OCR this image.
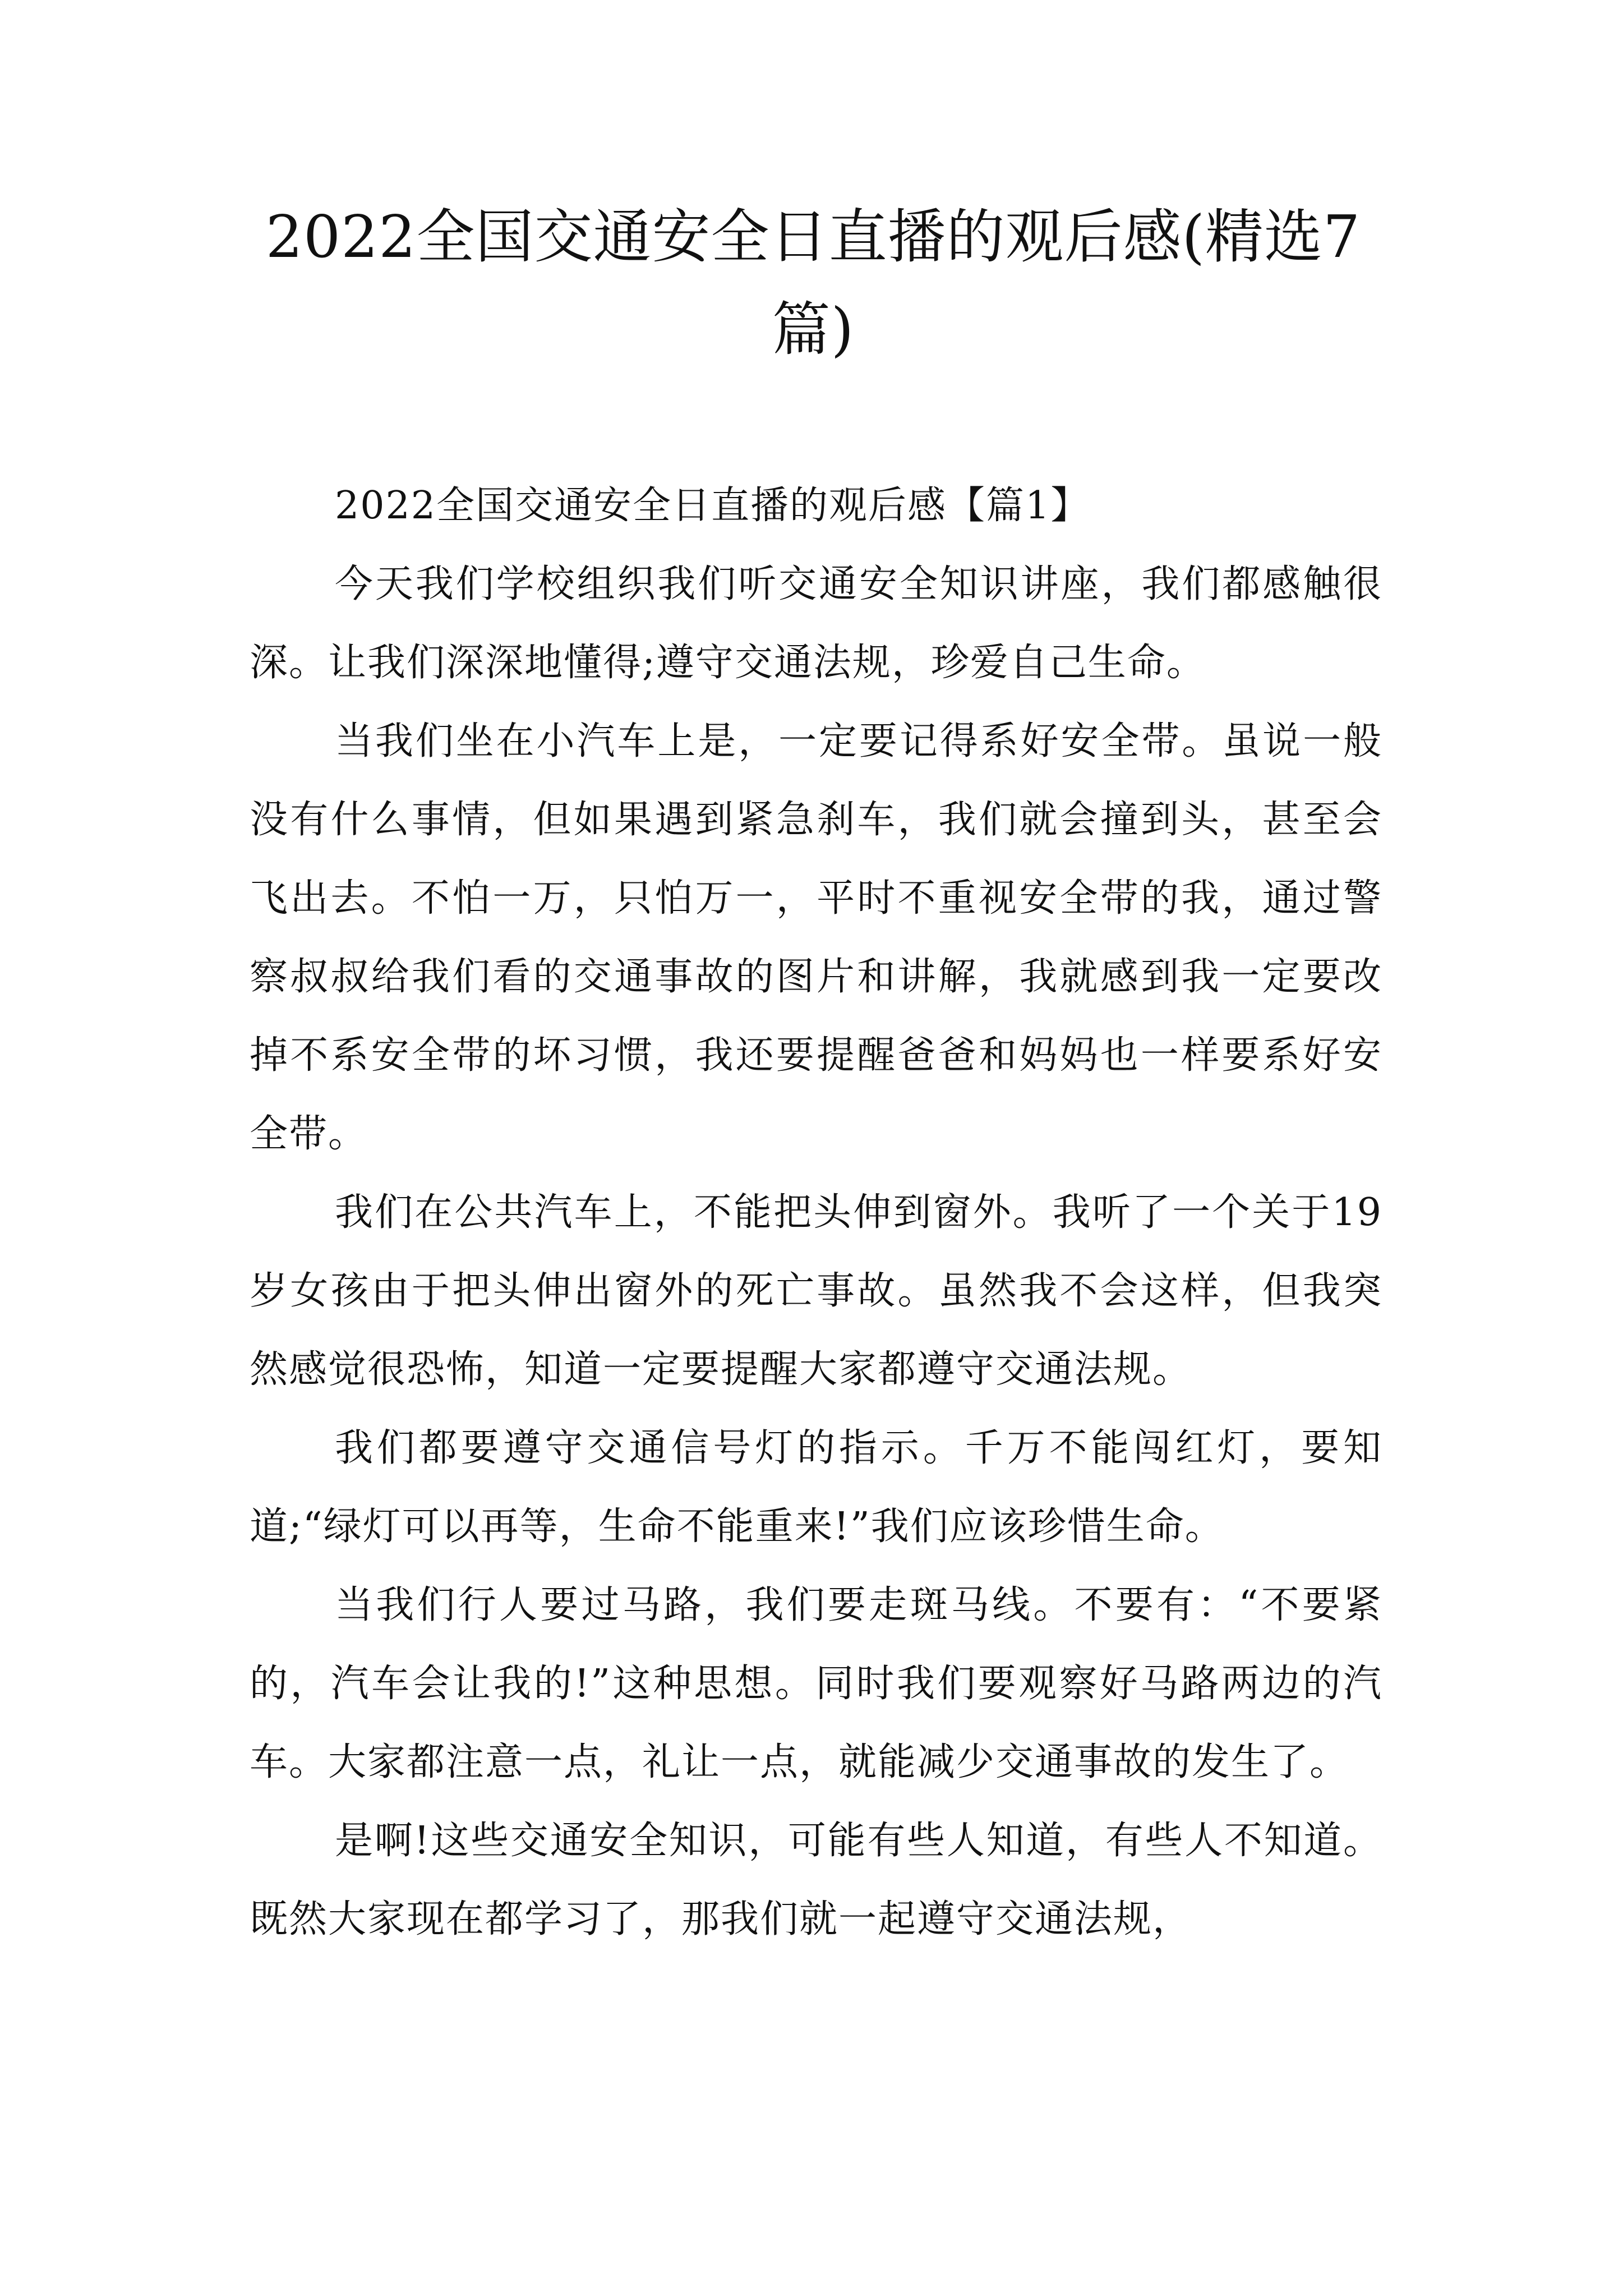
2022全国交通安全日直播的观后感(精选7篇)

2022全国交通安全日直播的观后感【篇1】

今天我们学校组织我们听交通安全知识讲座，我们都感触很深。让我们深深地懂得;遵守交通法规，珍爱自己生命。

当我们坐在小汽车上是，一定要记得系好安全带。虽说一般没有什么事情，但如果遇到紧急刹车，我们就会撞到头，甚至会飞出去。不怕一万，只怕万一，平时不重视安全带的我，通过警察叔叔给我们看的交通事故的图片和讲解，我就感到我一定要改掉不系安全带的坏习惯，我还要提醒爸爸和妈妈也一样要系好安全带。

我们在公共汽车上，不能把头伸到窗外。我听了一个关于19岁女孩由于把头伸出窗外的死亡事故。虽然我不会这样，但我突然感觉很恐怖，知道一定要提醒大家都遵守交通法规。

我们都要遵守交通信号灯的指示。千万不能闯红灯，要知道;“绿灯可以再等，生命不能重来!”我们应该珍惜生命。

当我们行人要过马路，我们要走斑马线。不要有：“不要紧的，汽车会让我的!”这种思想。同时我们要观察好马路两边的汽车。大家都注意一点，礼让一点，就能减少交通事故的发生了。

是啊!这些交通安全知识，可能有些人知道，有些人不知道。既然大家现在都学习了，那我们就一起遵守交通法规，
